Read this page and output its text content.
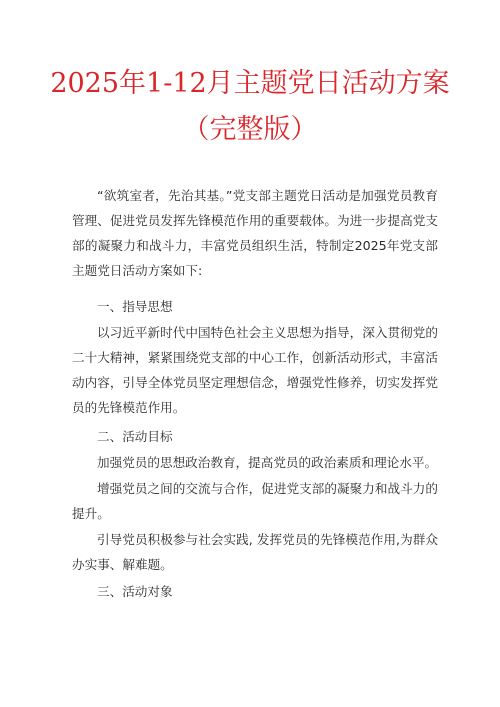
2025年1-12月主题党日活动方案
（完整版）

“欲筑室者，先治其基。”党支部主题党日活动是加强党员教育管理、促进党员发挥先锋模范作用的重要载体。为进一步提高党支部的凝聚力和战斗力，丰富党员组织生活，特制定2025年党支部主题党日活动方案如下:

一、指导思想

以习近平新时代中国特色社会主义思想为指导，深入贯彻党的二十大精神，紧紧围绕党支部的中心工作，创新活动形式，丰富活动内容，引导全体党员坚定理想信念，增强党性修养，切实发挥党员的先锋模范作用。

二、活动目标

加强党员的思想政治教育，提高党员的政治素质和理论水平。

增强党员之间的交流与合作，促进党支部的凝聚力和战斗力的提升。

引导党员积极参与社会实践, 发挥党员的先锋模范作用,为群众办实事、解难题。

三、活动对象
